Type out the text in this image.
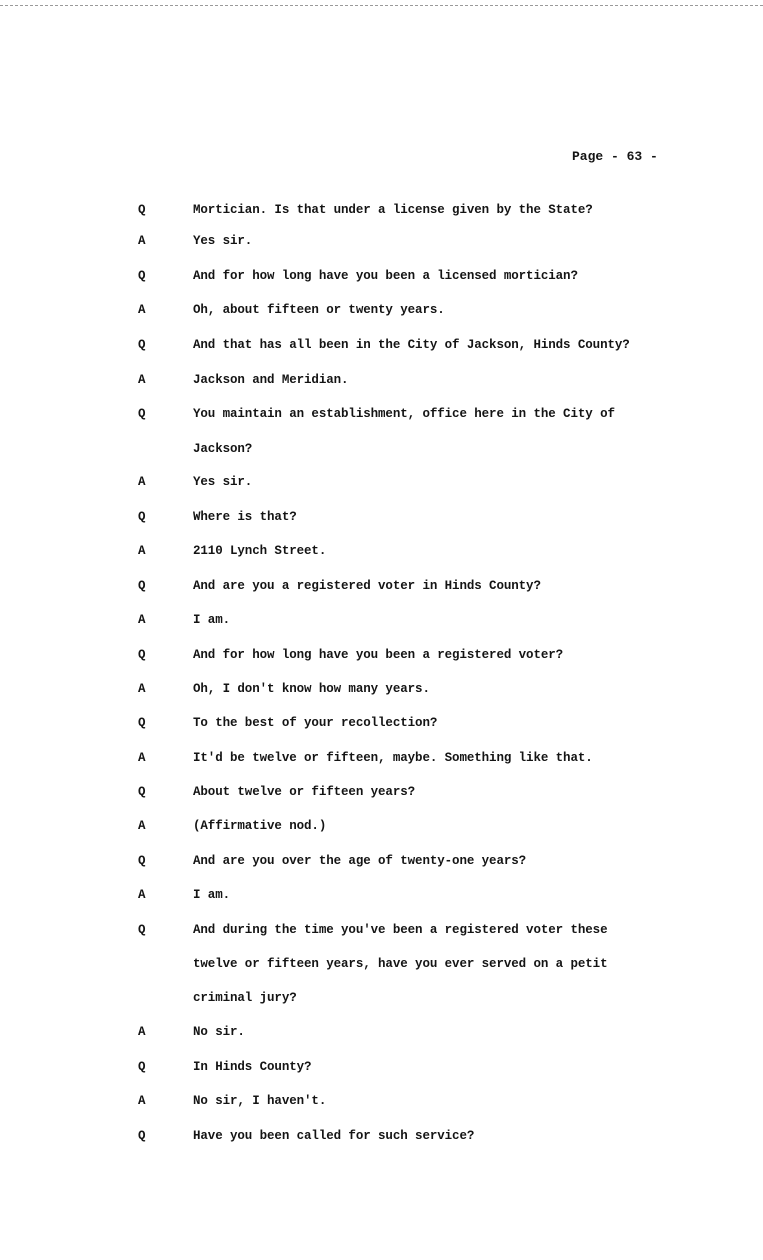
Page - 63 -
Q	Mortician. Is that under a license given by the State?
A	Yes sir.
Q	And for how long have you been a licensed mortician?
A	Oh, about fifteen or twenty years.
Q	And that has all been in the City of Jackson, Hinds County?
A	Jackson and Meridian.
Q	You maintain an establishment, office here in the City of
Jackson?
A	Yes sir.
Q	Where is that?
A	2110 Lynch Street.
Q	And are you a registered voter in Hinds County?
A	I am.
Q	And for how long have you been a registered voter?
A	Oh, I don't know how many years.
Q	To the best of your recollection?
A	It'd be twelve or fifteen, maybe. Something like that.
Q	About twelve or fifteen years?
A	(Affirmative nod.)
Q	And are you over the age of twenty-one years?
A	I am.
Q	And during the time you've been a registered voter these
twelve or fifteen years, have you ever served on a petit
criminal jury?
A	No sir.
Q	In Hinds County?
A	No sir, I haven't.
Q	Have you been called for such service?
